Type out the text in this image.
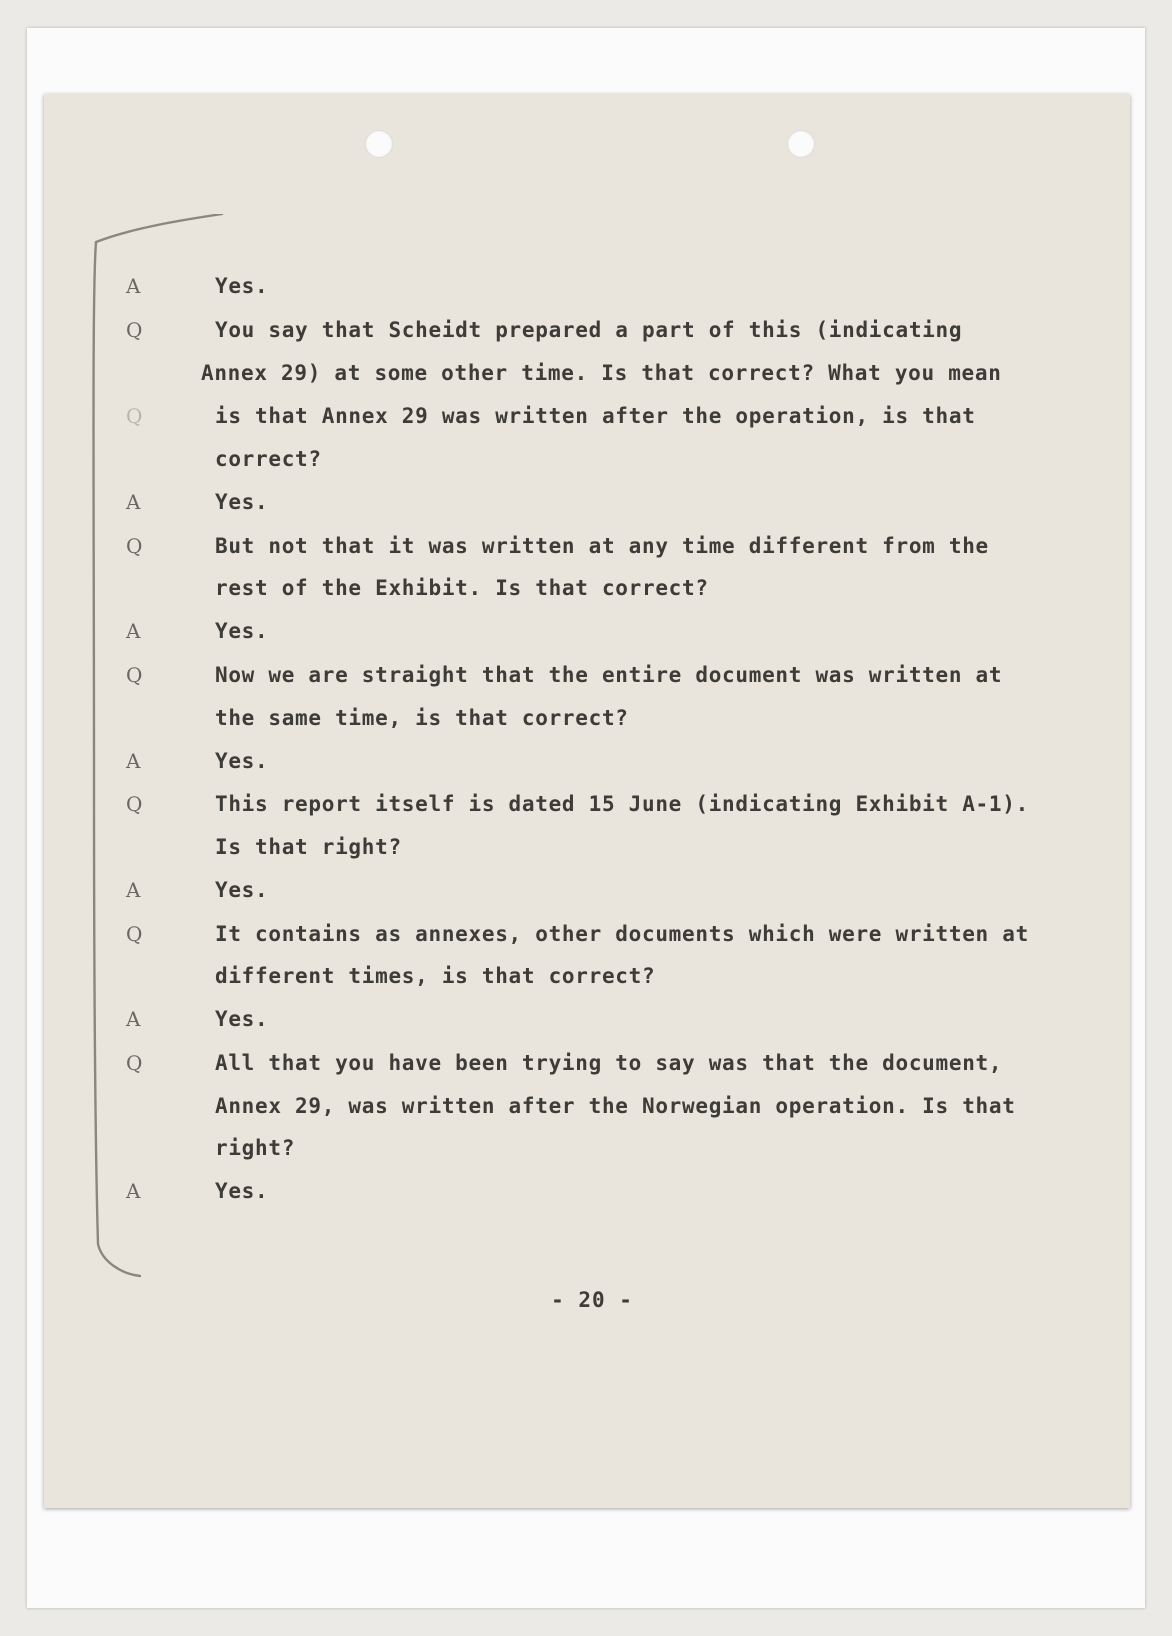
A	Yes.
Q	You say that Scheidt prepared a part of this (indicating
Annex 29) at some other time. Is that correct? What you mean
Q	is that Annex 29 was written after the operation, is that
correct?
A	Yes.
Q	But not that it was written at any time different from the
rest of the Exhibit. Is that correct?
A	Yes.
Q	Now we are straight that the entire document was written at
the same time, is that correct?
A	Yes.
Q	This report itself is dated 15 June (indicating Exhibit A-1).
Is that right?
A	Yes.
Q	It contains as annexes, other documents which were written at
different times, is that correct?
A	Yes.
Q	All that you have been trying to say was that the document,
Annex 29, was written after the Norwegian operation. Is that
right?
A	Yes.
- 20 -
